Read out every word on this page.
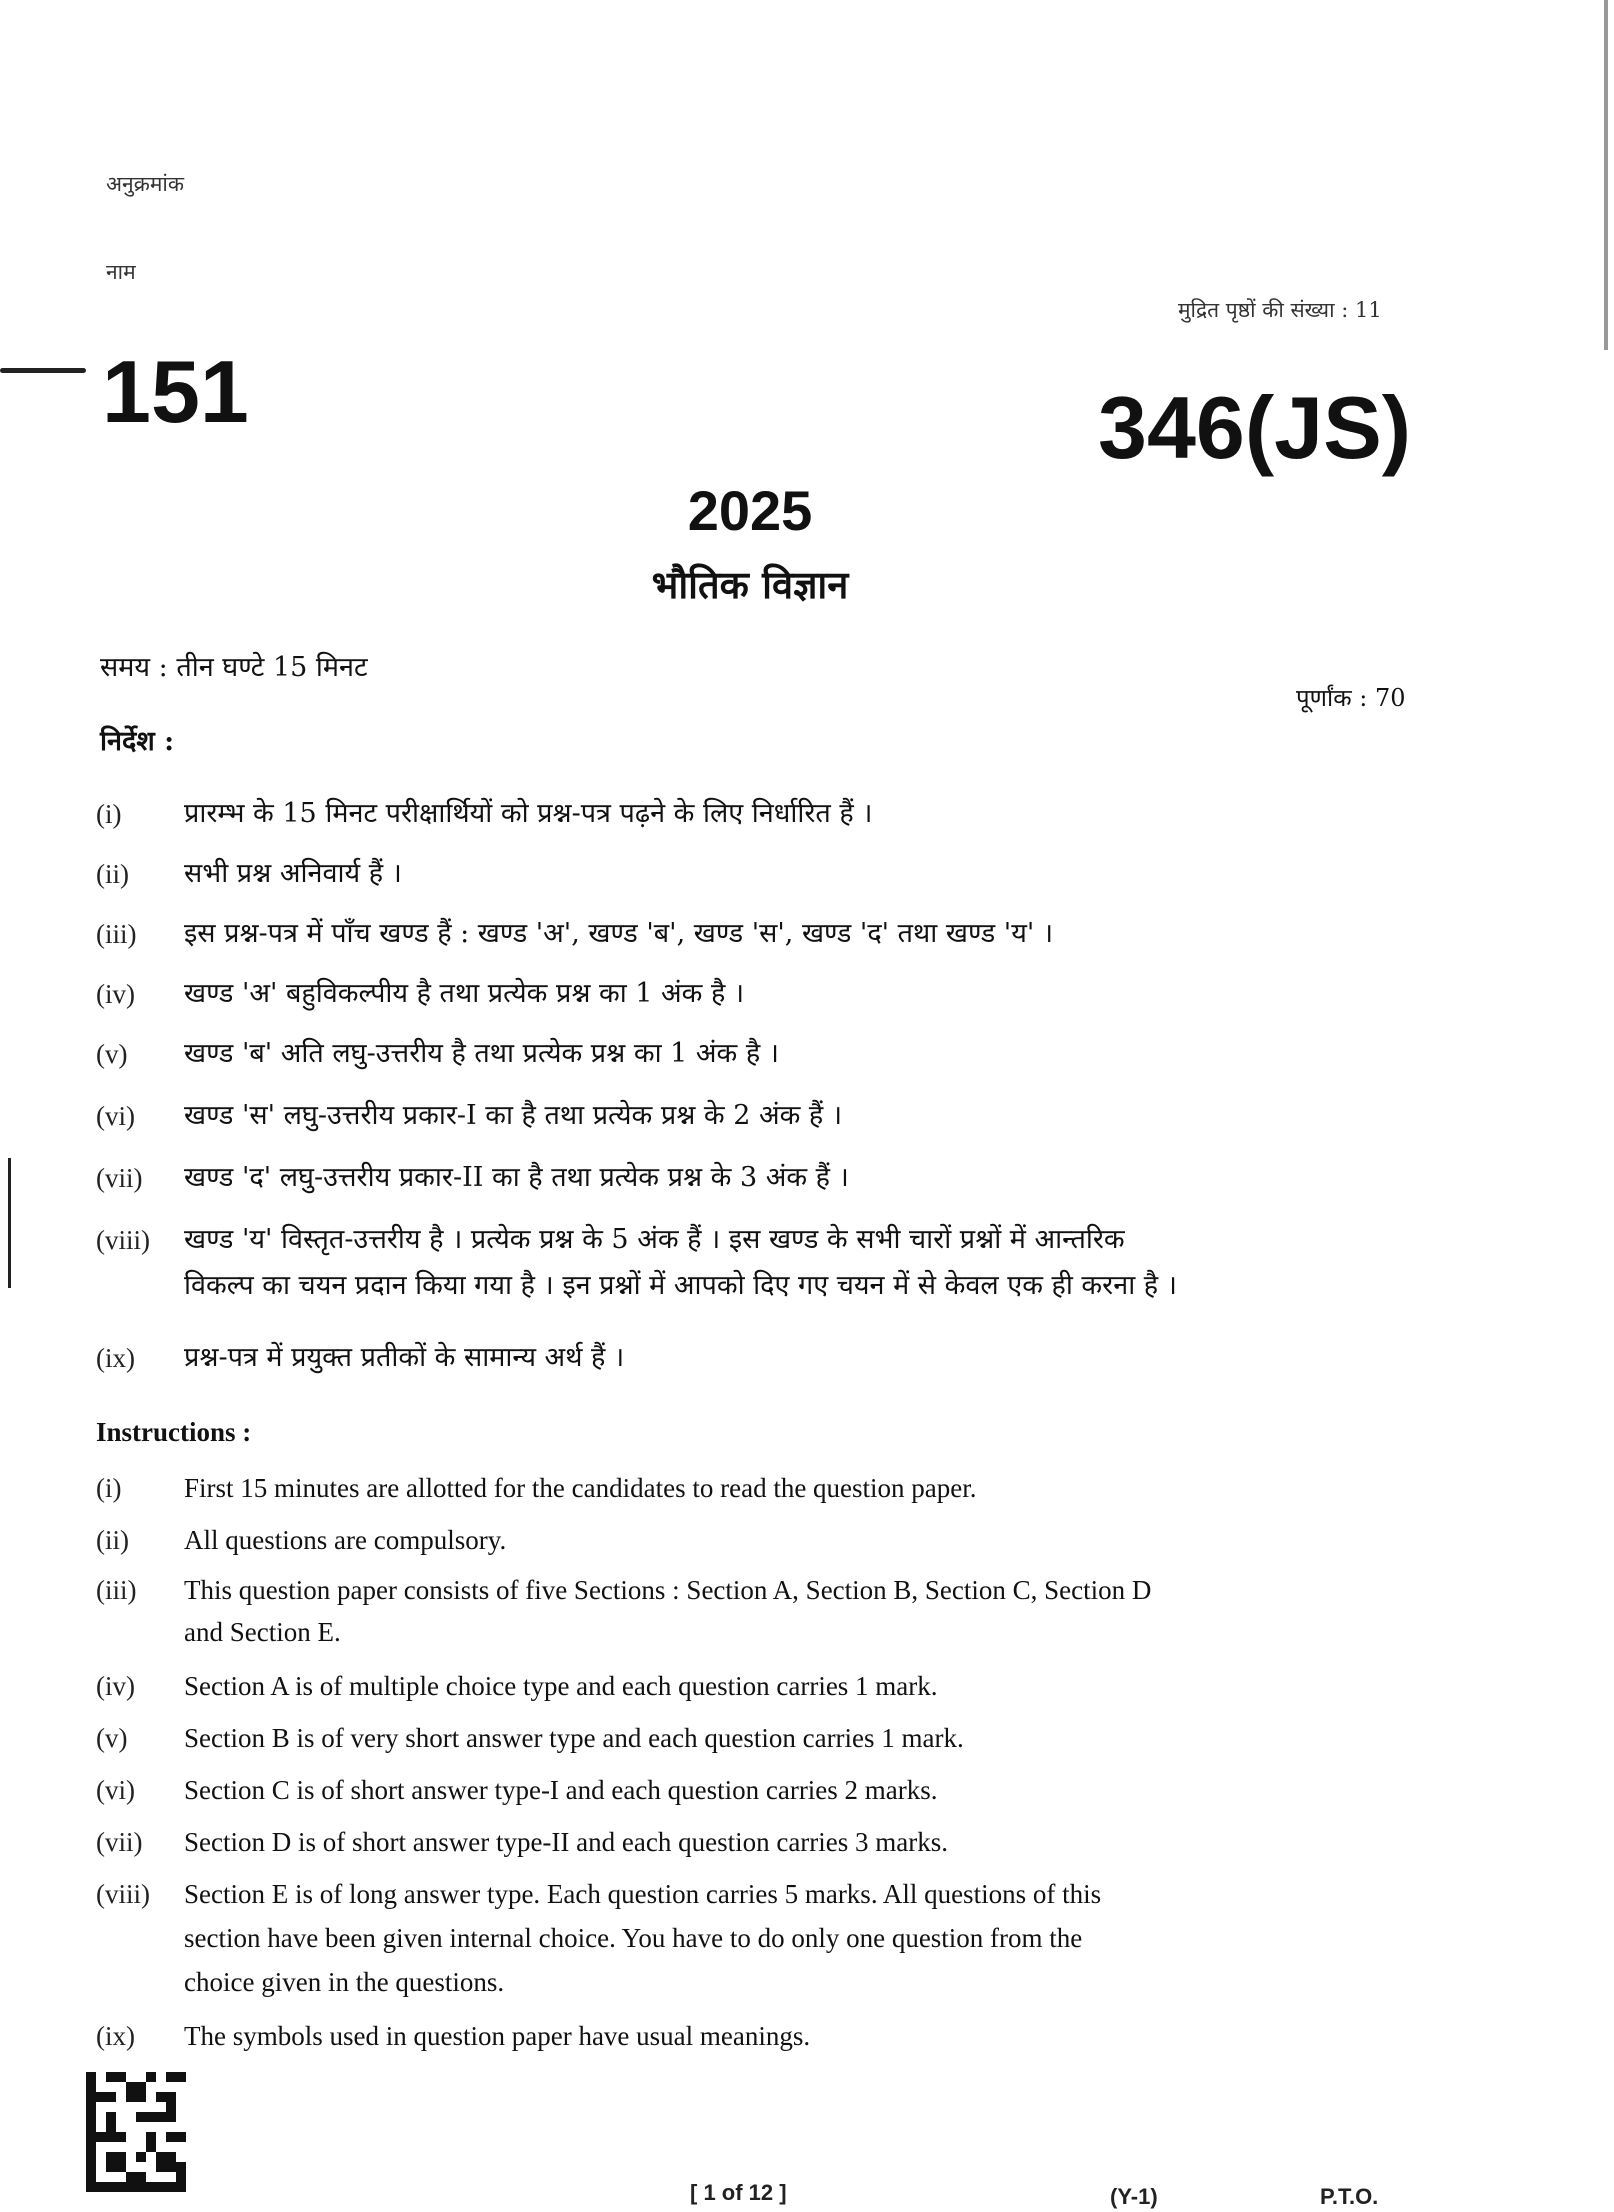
अनुक्रमांक
नाम
मुद्रित पृष्ठों की संख्या : 11
151	346(JS)
2025
भौतिक विज्ञान
समय : तीन घण्टे 15 मिनट
पूर्णांक : 70
निर्देश :
(i) प्रारम्भ के 15 मिनट परीक्षार्थियों को प्रश्न-पत्र पढ़ने के लिए निर्धारित हैं ।
(ii) सभी प्रश्न अनिवार्य हैं ।
(iii) इस प्रश्न-पत्र में पाँच खण्ड हैं : खण्ड 'अ', खण्ड 'ब', खण्ड 'स', खण्ड 'द' तथा खण्ड 'य' ।
(iv) खण्ड 'अ' बहुविकल्पीय है तथा प्रत्येक प्रश्न का 1 अंक है ।
(v) खण्ड 'ब' अति लघु-उत्तरीय है तथा प्रत्येक प्रश्न का 1 अंक है ।
(vi) खण्ड 'स' लघु-उत्तरीय प्रकार-I का है तथा प्रत्येक प्रश्न के 2 अंक हैं ।
(vii) खण्ड 'द' लघु-उत्तरीय प्रकार-II का है तथा प्रत्येक प्रश्न के 3 अंक हैं ।
(viii) खण्ड 'य' विस्तृत-उत्तरीय है । प्रत्येक प्रश्न के 5 अंक हैं । इस खण्ड के सभी चारों प्रश्नों में आन्तरिक
विकल्प का चयन प्रदान किया गया है । इन प्रश्नों में आपको दिए गए चयन में से केवल एक ही करना है ।
(ix) प्रश्न-पत्र में प्रयुक्त प्रतीकों के सामान्य अर्थ हैं ।
Instructions :
(i) First 15 minutes are allotted for the candidates to read the question paper.
(ii) All questions are compulsory.
(iii) This question paper consists of five Sections : Section A, Section B, Section C, Section D
and Section E.
(iv) Section A is of multiple choice type and each question carries 1 mark.
(v) Section B is of very short answer type and each question carries 1 mark.
(vi) Section C is of short answer type-I and each question carries 2 marks.
(vii) Section D is of short answer type-II and each question carries 3 marks.
(viii) Section E is of long answer type. Each question carries 5 marks. All questions of this
section have been given internal choice. You have to do only one question from the
choice given in the questions.
(ix) The symbols used in question paper have usual meanings.
[ 1 of 12 ]	(Y-1)	P.T.O.
